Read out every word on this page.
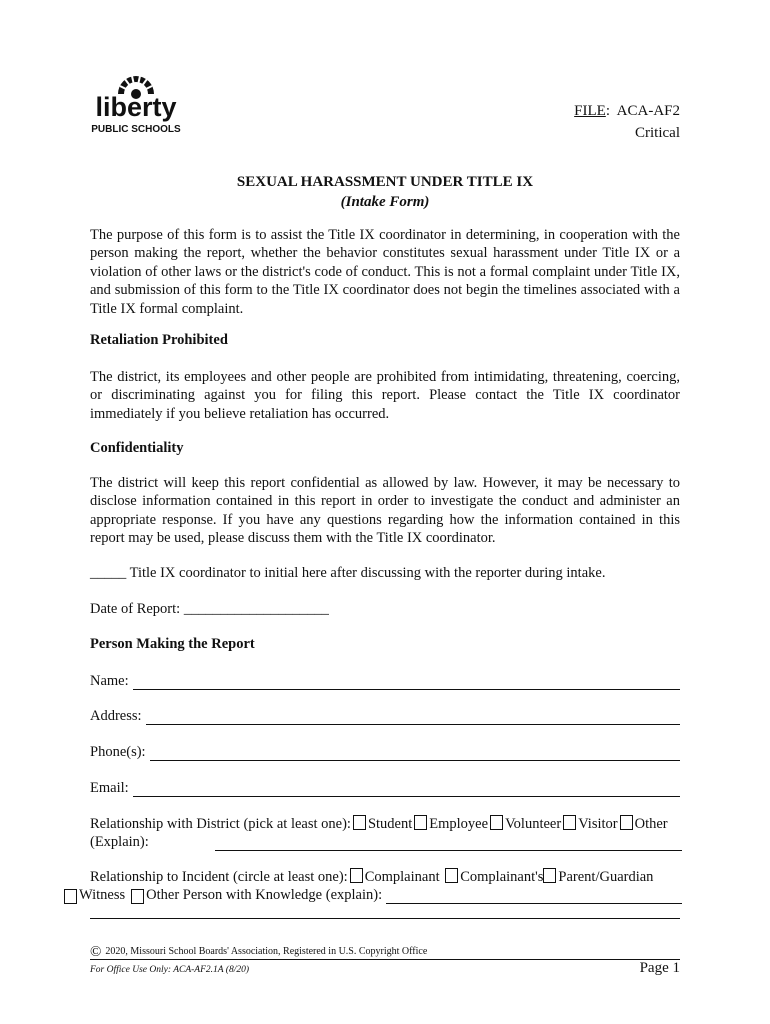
liberty
PUBLIC SCHOOLS
FILE:  ACA-AF2
Critical
SEXUAL HARASSMENT UNDER TITLE IX
(Intake Form)
The purpose of this form is to assist the Title IX coordinator in determining, in cooperation with the person making the report, whether the behavior constitutes sexual harassment under Title IX or a violation of other laws or the district's code of conduct. This is not a formal complaint under Title IX, and submission of this form to the Title IX coordinator does not begin the timelines associated with a Title IX formal complaint.
Retaliation Prohibited
The district, its employees and other people are prohibited from intimidating, threatening, coercing, or discriminating against you for filing this report. Please contact the Title IX coordinator immediately if you believe retaliation has occurred.
Confidentiality
The district will keep this report confidential as allowed by law. However, it may be necessary to disclose information contained in this report in order to investigate the conduct and administer an appropriate response. If you have any questions regarding how the information contained in this report may be used, please discuss them with the Title IX coordinator.
_____ Title IX coordinator to initial here after discussing with the reporter during intake.
Date of Report: ____________________
Person Making the Report
Name:
Address:
Phone(s):
Email:
Relationship with District (pick at least one): Student Employee Volunteer Visitor Other
(Explain):
Relationship to Incident (circle at least one): Complainant Complainant's Parent/Guardian
Witness Other Person with Knowledge (explain):
© 2020, Missouri School Boards' Association, Registered in U.S. Copyright Office
For Office Use Only: ACA-AF2.1A (8/20)	Page 1
